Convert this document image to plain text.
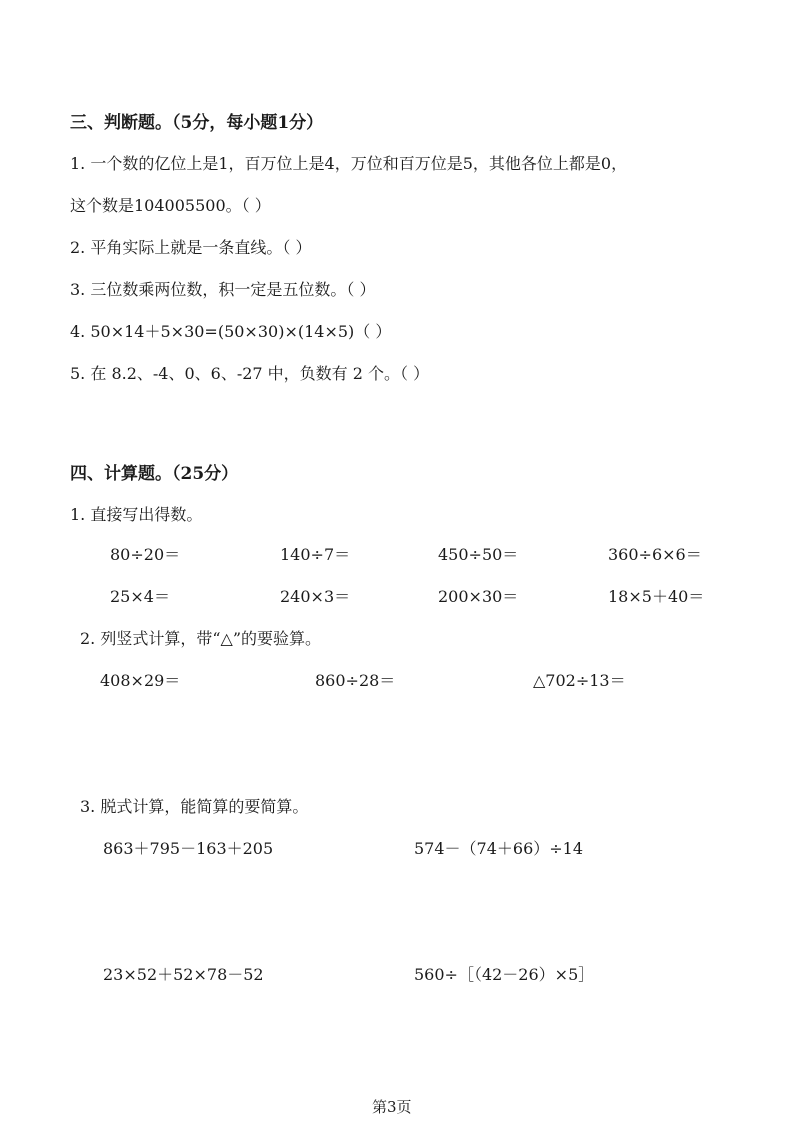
三、判断题。（5分，每小题1分）
1. 一个数的亿位上是1，百万位上是4，万位和百万位是5，其他各位上都是0，
这个数是104005500。（ ）
2. 平角实际上就是一条直线。（ ）
3. 三位数乘两位数，积一定是五位数。（ ）
4. 50×14＋5×30=(50×30)×(14×5)（ ）
5. 在 8.2、-4、0、6、-27 中，负数有 2 个。（ ）
四、计算题。（25分）
1. 直接写出得数。
80÷20＝	140÷7＝	450÷50＝	360÷6×6＝
25×4＝	240×3＝	200×30＝	18×5＋40＝
2. 列竖式计算，带“△”的要验算。
408×29＝	860÷28＝	△702÷13＝
3. 脱式计算，能简算的要简算。
863＋795－163＋205	574－（74＋66）÷14
23×52＋52×78－52	560÷［（42－26）×5］
第3页
